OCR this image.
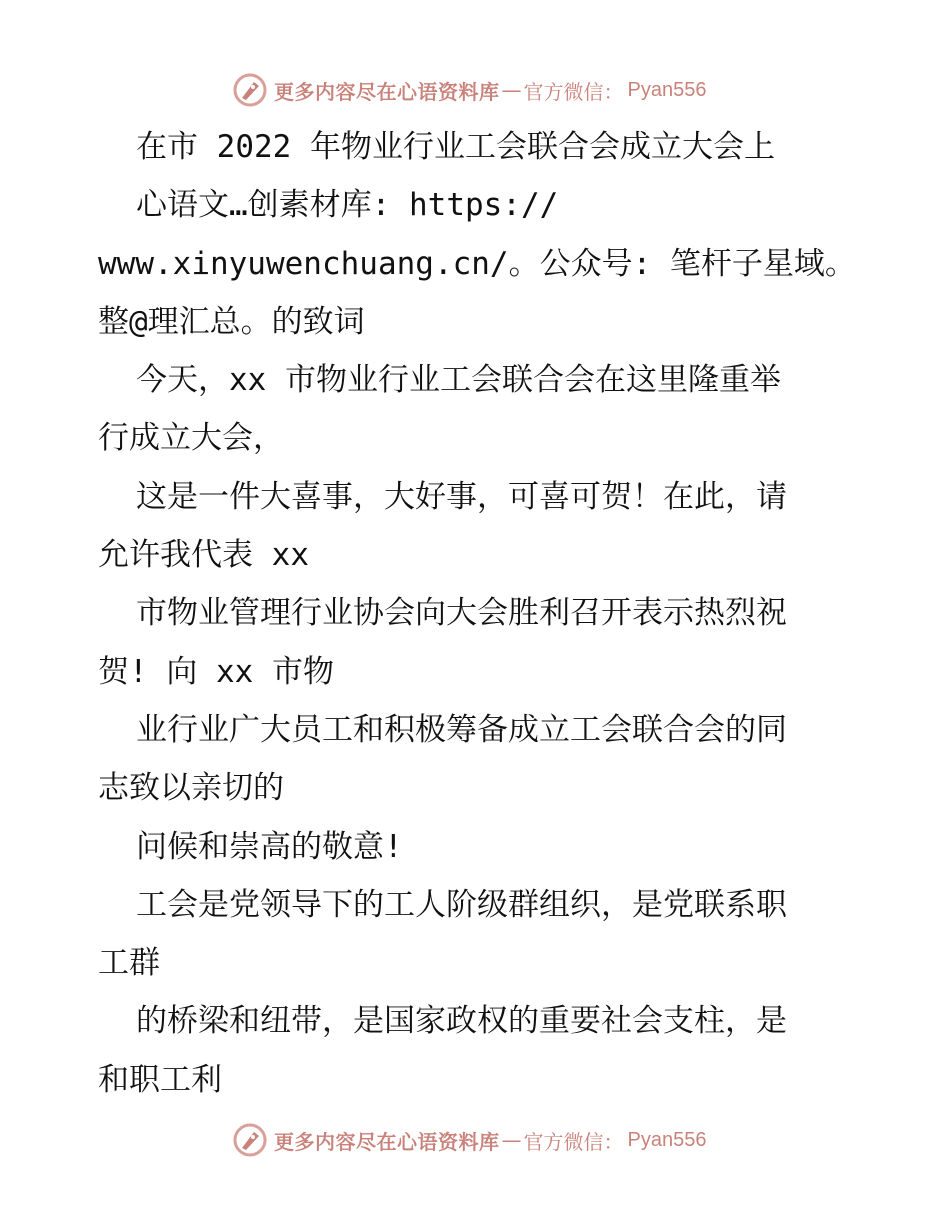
更多内容尽在心语资料库 — 官方微信： Pyan556
在市 2022 年物业行业工会联合会成立大会上
心语文…创素材库: https://
www.xinyuwenchuang.cn/。公众号: 笔杆子星域。
整@理汇总。的致词
今天，xx 市物业行业工会联合会在这里隆重举
行成立大会，
这是一件大喜事，大好事，可喜可贺！在此，请
允许我代表 xx
市物业管理行业协会向大会胜利召开表示热烈祝
贺! 向 xx 市物
业行业广大员工和积极筹备成立工会联合会的同
志致以亲切的
问候和崇高的敬意!
工会是党领导下的工人阶级群组织，是党联系职
工群
的桥梁和纽带，是国家政权的重要社会支柱，是
和职工利
更多内容尽在心语资料库 — 官方微信： Pyan556
